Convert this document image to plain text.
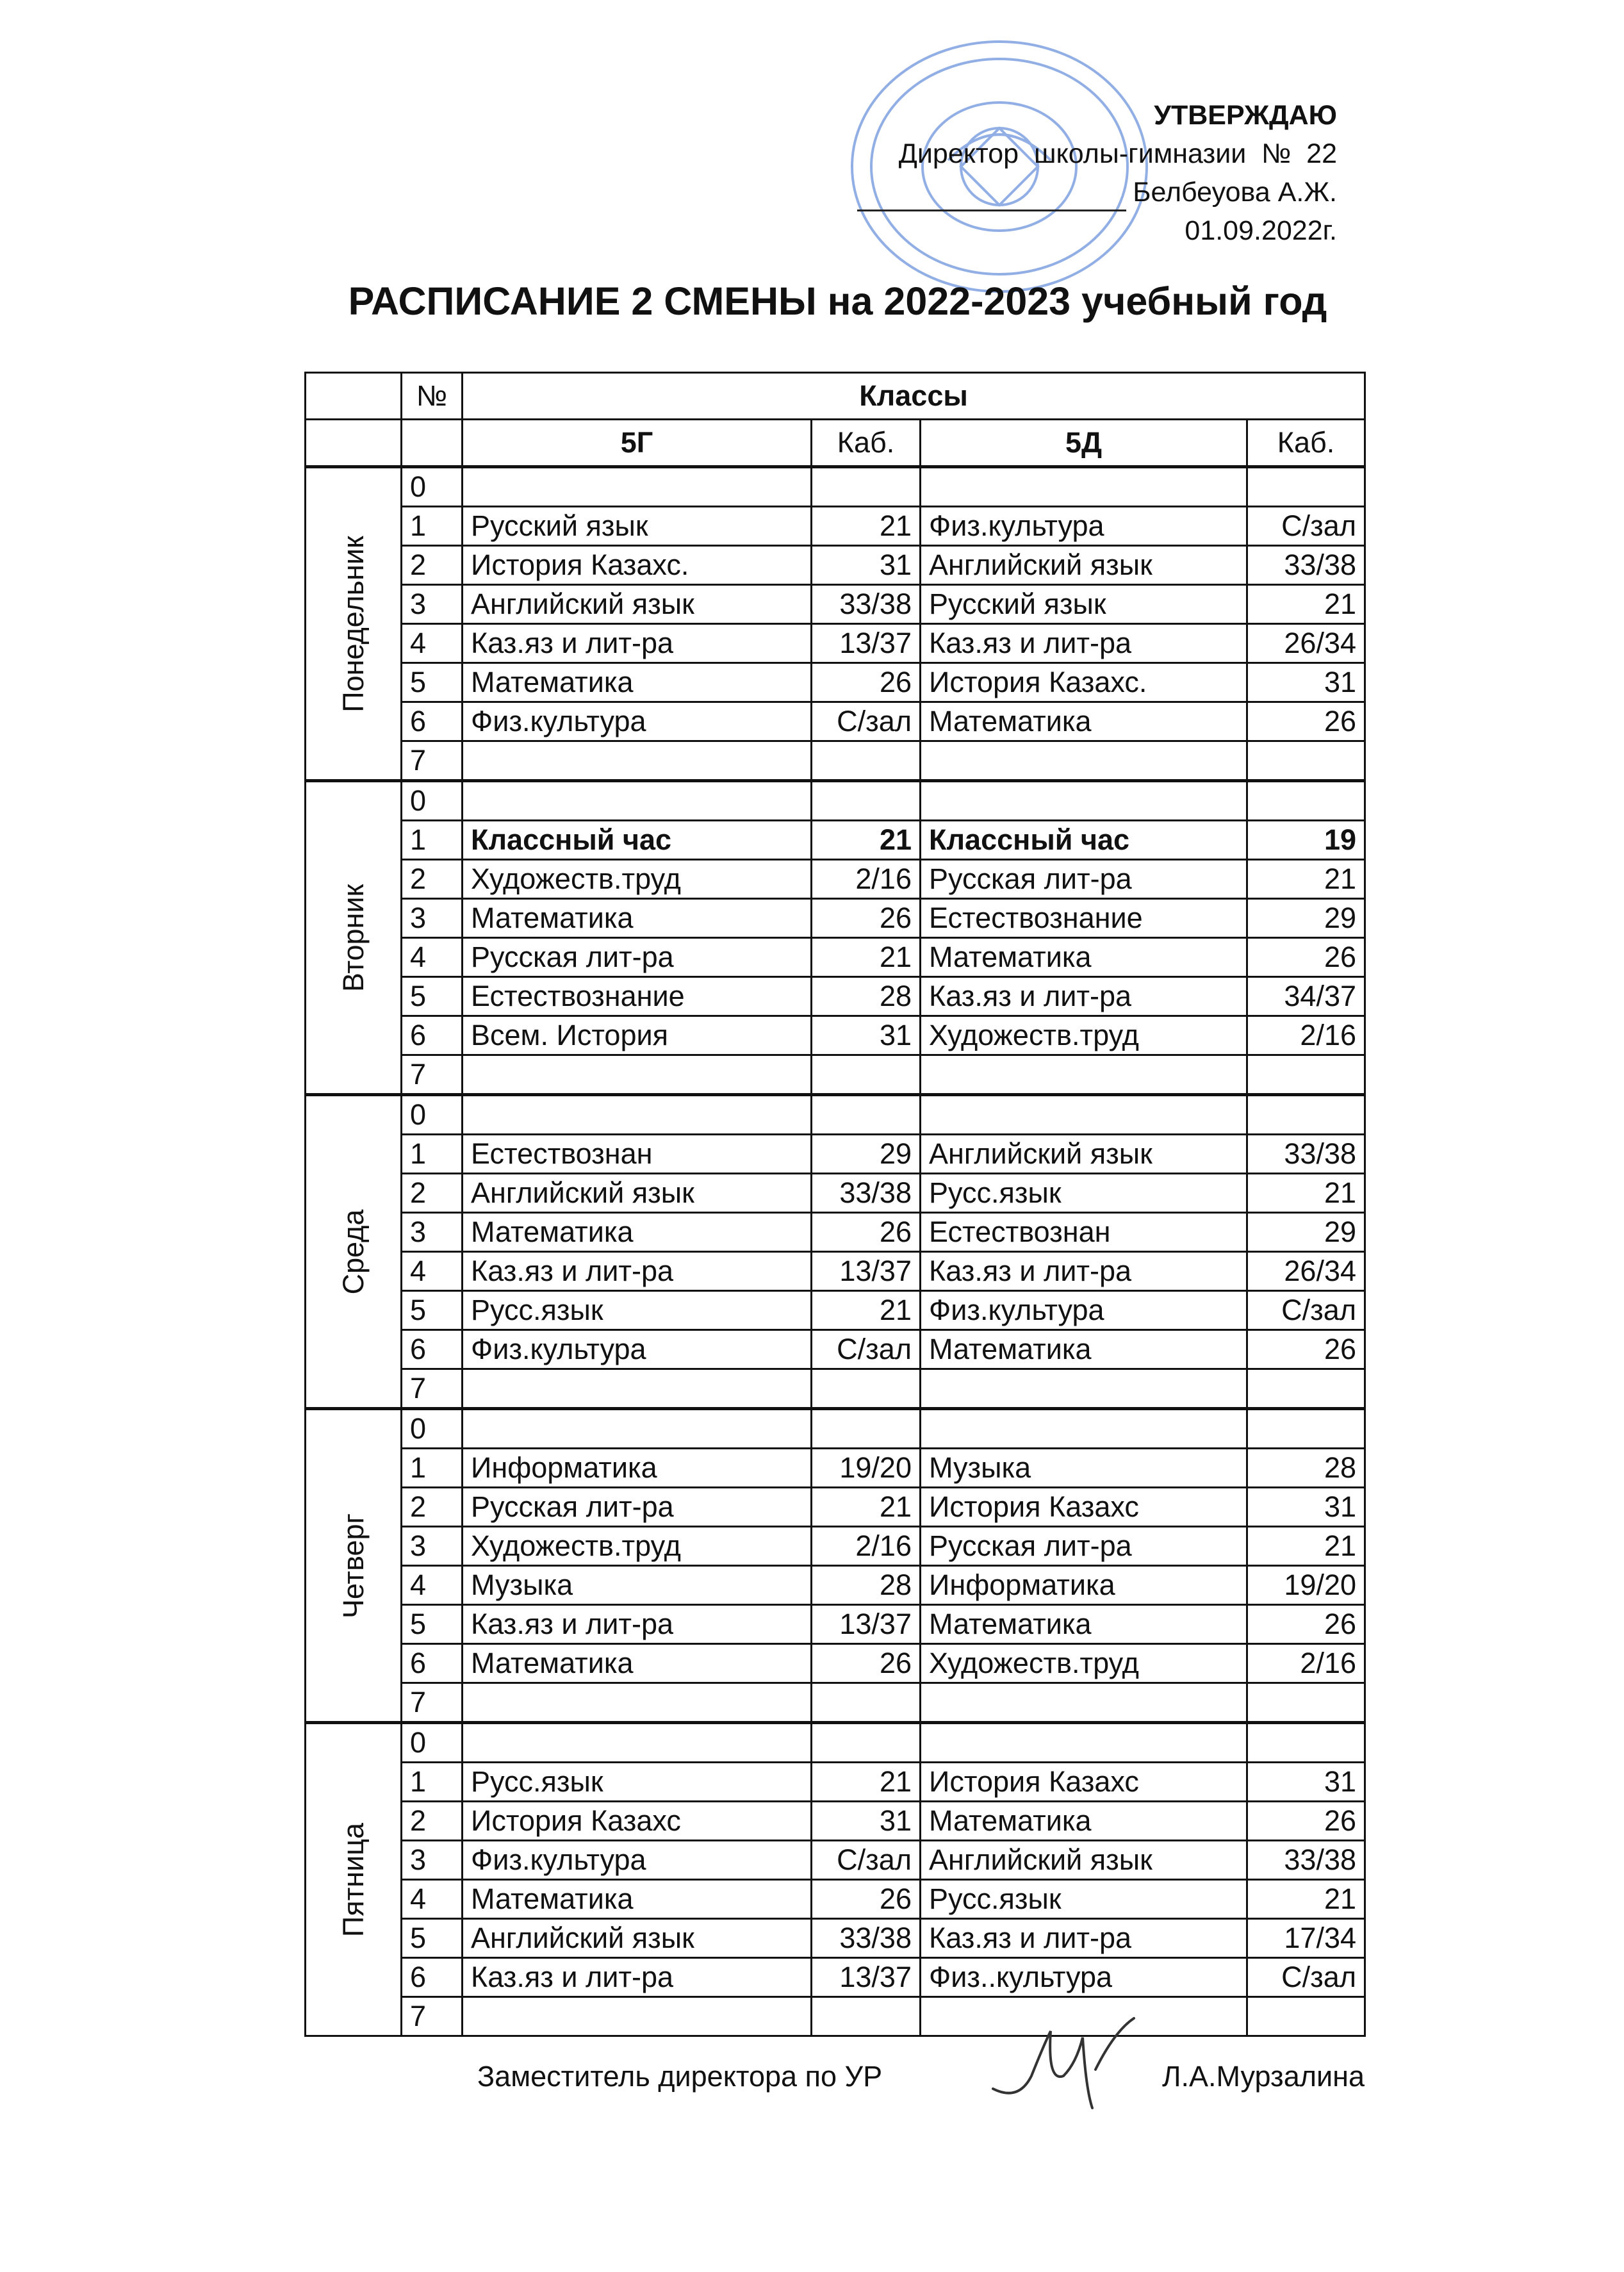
УТВЕРЖДАЮ
Директор  школы-гимназии  №  22
Белбеуова А.Ж.
01.09.2022г.
РАСПИСАНИЕ 2 СМЕНЫ на 2022-2023 учебный год
	№	Классы			
		5Г	Каб.	5Д	Каб.

Понедельник	0				
	1	Русский язык	21	Физ.культура	С/зал
	2	История Казахс.	31	Английский язык	33/38
	3	Английский язык	33/38	Русский язык	21
	4	Каз.яз и лит-ра	13/37	Каз.яз и лит-ра	26/34
	5	Математика	26	История Казахс.	31
	6	Физ.культура	С/зал	Математика	26
	7				

Вторник	0				
	1	Классный час	21	Классный час	19
	2	Художеств.труд	2/16	Русская лит-ра	21
	3	Математика	26	Естествознание	29
	4	Русская лит-ра	21	Математика	26
	5	Естествознание	28	Каз.яз и лит-ра	34/37
	6	Всем. История	31	Художеств.труд	2/16
	7				

Среда	0				
	1	Естествознан	29	Английский язык	33/38
	2	Английский язык	33/38	Русс.язык	21
	3	Математика	26	Естествознан	29
	4	Каз.яз и лит-ра	13/37	Каз.яз и лит-ра	26/34
	5	Русс.язык	21	Физ.культура	С/зал
	6	Физ.культура	С/зал	Математика	26
	7				

Четверг	0				
	1	Информатика	19/20	Музыка	28
	2	Русская лит-ра	21	История Казахс	31
	3	Художеств.труд	2/16	Русская лит-ра	21
	4	Музыка	28	Информатика	19/20
	5	Каз.яз и лит-ра	13/37	Математика	26
	6	Математика	26	Художеств.труд	2/16
	7				

Пятница	0				
	1	Русс.язык	21	История Казахс	31
	2	История Казахс	31	Математика	26
	3	Физ.культура	С/зал	Английский язык	33/38
	4	Математика	26	Русс.язык	21
	5	Английский язык	33/38	Каз.яз и лит-ра	17/34
	6	Каз.яз и лит-ра	13/37	Физ..культура	С/зал
	7				
Заместитель директора по УР	Л.А.Мурзалина
